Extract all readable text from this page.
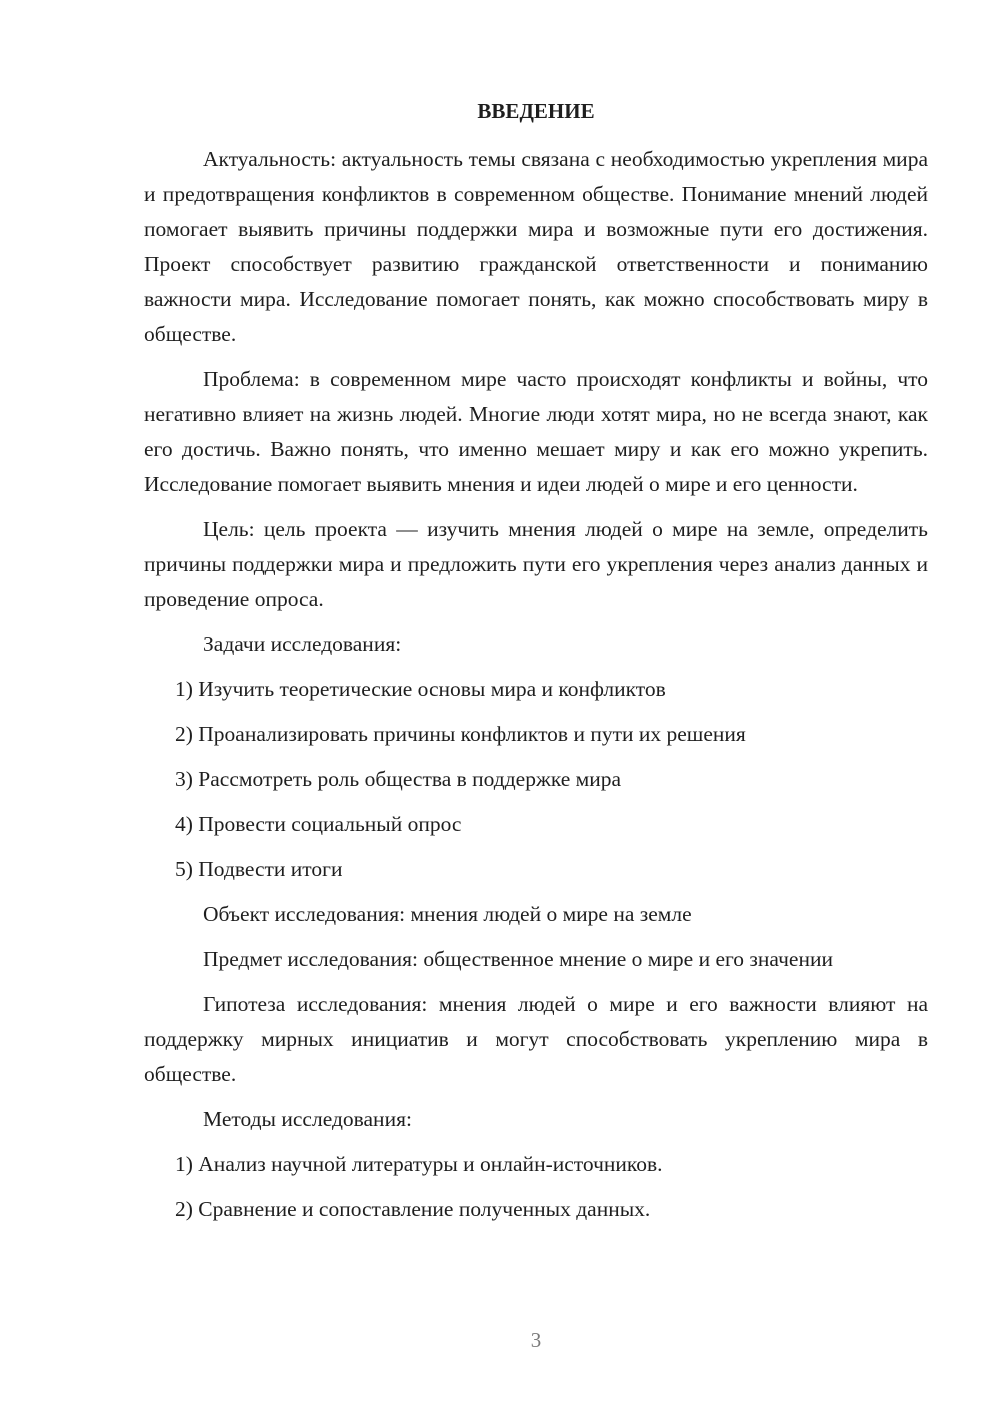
ВВЕДЕНИЕ

Актуальность: актуальность темы связана с необходимостью укрепления мира и предотвращения конфликтов в современном обществе. Понимание мнений людей помогает выявить причины поддержки мира и возможные пути его достижения. Проект способствует развитию гражданской ответственности и пониманию важности мира. Исследование помогает понять, как можно способствовать миру в обществе.

Проблема: в современном мире часто происходят конфликты и войны, что негативно влияет на жизнь людей. Многие люди хотят мира, но не всегда знают, как его достичь. Важно понять, что именно мешает миру и как его можно укрепить. Исследование помогает выявить мнения и идеи людей о мире и его ценности.

Цель: цель проекта — изучить мнения людей о мире на земле, определить причины поддержки мира и предложить пути его укрепления через анализ данных и проведение опроса.

Задачи исследования:

1) Изучить теоретические основы мира и конфликтов

2) Проанализировать причины конфликтов и пути их решения

3) Рассмотреть роль общества в поддержке мира

4) Провести социальный опрос

5) Подвести итоги

Объект исследования: мнения людей о мире на земле

Предмет исследования: общественное мнение о мире и его значении

Гипотеза исследования: мнения людей о мире и его важности влияют на поддержку мирных инициатив и могут способствовать укреплению мира в обществе.

Методы исследования:

1) Анализ научной литературы и онлайн-источников.

2) Сравнение и сопоставление полученных данных.

3
